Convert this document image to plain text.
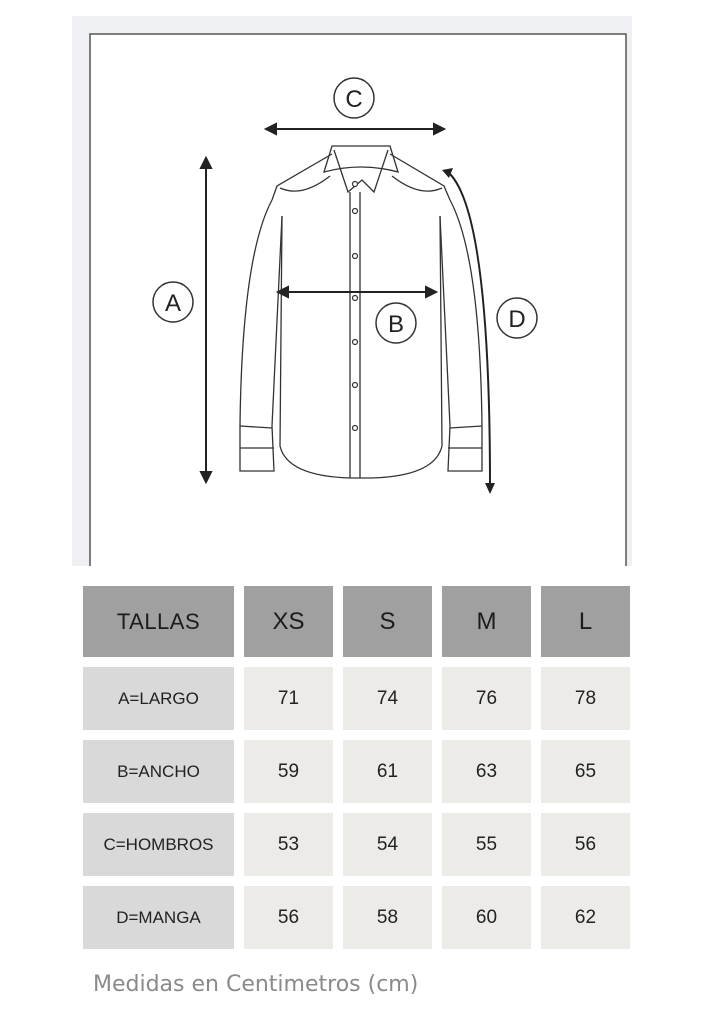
C
A
B	D
TALLAS	XS	S	M	L
A=LARGO	71	74	76	78
B=ANCHO	59	61	63	65
C=HOMBROS	53	54	55	56
D=MANGA	56	58	60	62
Medidas en Centimetros (cm)
